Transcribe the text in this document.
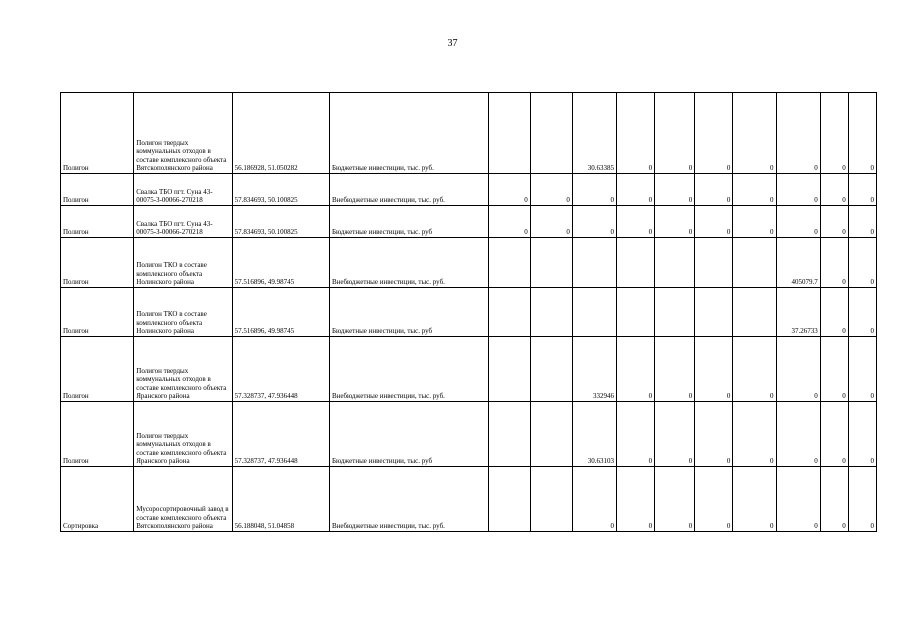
37
Полигон	Полигон твердых коммунальных отходов в составе комплексного объекта Вятскополянского района	56.186928, 51.050282	Бюджетные инвестиции, тыс. руб.			30.63385	0	0	0	0	0	0	0
Полигон	Свалка ТБО пгт. Суна 43-00075-З-00066-270218	57.834693, 50.100825	Внебюджетные инвестиции, тыс. руб.	0	0	0	0	0	0	0	0	0	0
Полигон	Свалка ТБО пгт. Суна 43-00075-З-00066-270218	57.834693, 50.100825	Бюджетные инвестиции, тыс. руб	0	0	0	0	0	0	0	0	0	0
Полигон	Полигон ТКО в составе комплексного объекта Нолинского района	57.516896, 49.98745	Внебюджетные инвестиции, тыс. руб.								405079.7	0	0
Полигон	Полигон ТКО в составе комплексного объекта Нолинского района	57.516896, 49.98745	Бюджетные инвестиции, тыс. руб								37.26733	0	0
Полигон	Полигон твердых коммунальных отходов в составе комплексного объекта Яранского района	57.328737, 47.936448	Внебюджетные инвестиции, тыс. руб.			332946	0	0	0	0	0	0	0
Полигон	Полигон твердых коммунальных отходов в составе комплексного объекта Яранского района	57.328737, 47.936448	Бюджетные инвестиции, тыс. руб			30.63103	0	0	0	0	0	0	0
Сортировка	Мусоросортировочный завод в составе комплексного объекта Вятскополянского района	56.188048, 51.04858	Внебюджетные инвестиции, тыс. руб.			0	0	0	0	0	0	0	0
